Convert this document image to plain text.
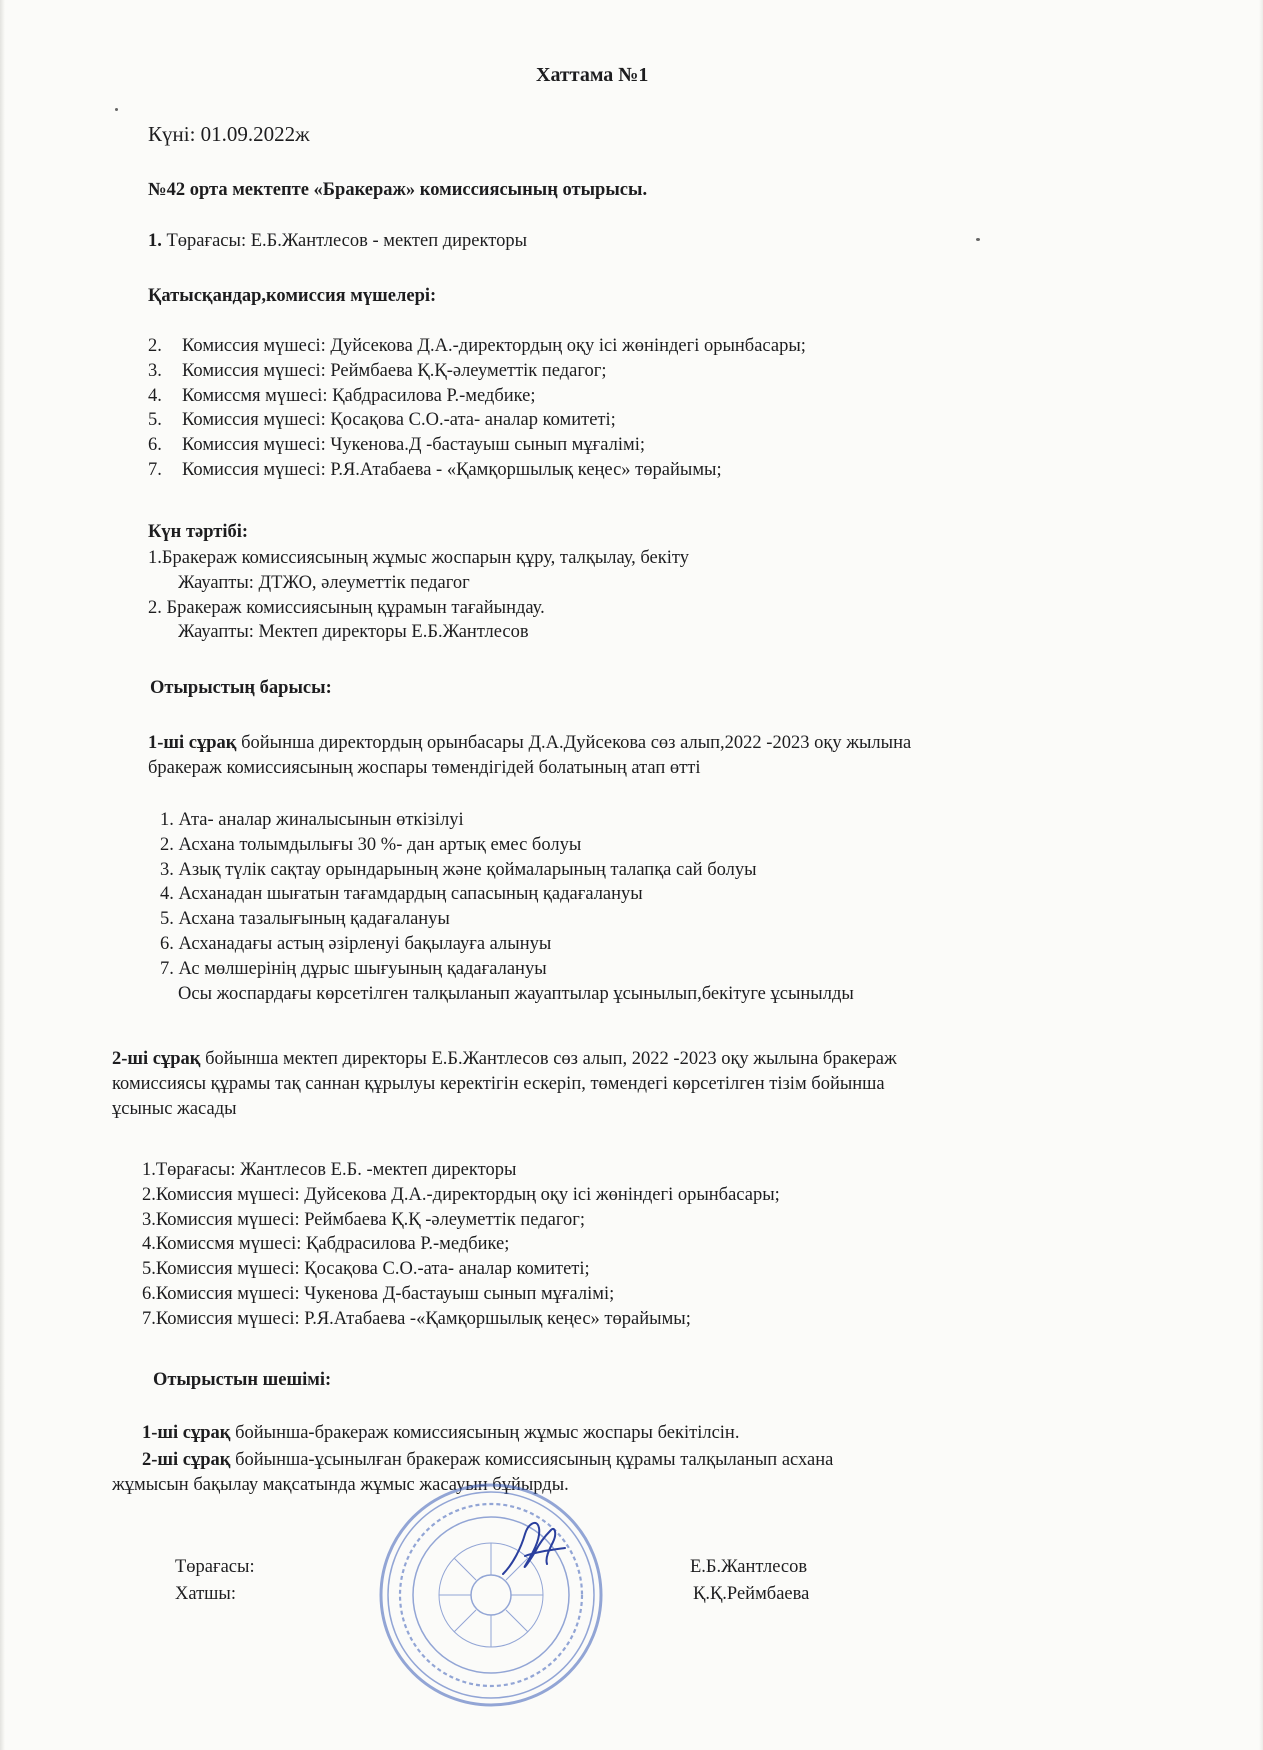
Хаттама №1
Күні: 01.09.2022ж
№42 орта мектепте «Бракераж» комиссиясының отырысы.
1. Төрағасы: Е.Б.Жантлесов - мектеп директоры
Қатысқандар,комиссия мүшелері:
2. Комиссия мүшесі: Дуйсекова Д.А.-директордың оқу ісі жөніндегі орынбасары;
3. Комиссия мүшесі: Реймбаева Қ.Қ-әлеуметтік педагог;
4. Комиссмя мүшесі: Қабдрасилова Р.-медбике;
5. Комиссия мүшесі: Қосақова С.О.-ата- аналар комитеті;
6. Комиссия мүшесі: Чукенова.Д -бастауыш сынып мұғалімі;
7. Комиссия мүшесі: Р.Я.Атабаева - «Қамқоршылық кеңес» төрайымы;
Күн тәртібі:
1.Бракераж комиссиясының жұмыс жоспарын құру, талқылау, бекіту
Жауапты: ДТЖО, әлеуметтік педагог
2. Бракераж комиссиясының құрамын тағайындау.
Жауапты: Мектеп директоры Е.Б.Жантлесов
Отырыстың барысы:
1-ші сұрақ бойынша директордың орынбасары Д.А.Дуйсекова сөз алып,2022 -2023 оқу жылына
бракераж комиссиясының жоспары төмендігідей болатының атап өтті
1. Ата- аналар жиналысынын өткізілуі
2. Асхана толымдылығы 30 %- дан артық емес болуы
3. Азық түлік сақтау орындарының және қоймаларының талапқа сай болуы
4. Асханадан шығатын тағамдардың сапасының қадағалануы
5. Асхана тазалығының қадағалануы
6. Асханадағы астың әзірленуі бақылауға алынуы
7. Ас мөлшерінің дұрыс шығуының қадағалануы
Осы жоспардағы көрсетілген талқыланып жауаптылар ұсынылып,бекітуге ұсынылды
2-ші сұрақ бойынша мектеп директоры Е.Б.Жантлесов сөз алып, 2022 -2023 оқу жылына бракераж
комиссиясы құрамы тақ саннан құрылуы керектігін ескеріп, төмендегі көрсетілген тізім бойынша
ұсыныс жасады
1.Төрағасы: Жантлесов Е.Б. -мектеп директоры
2.Комиссия мүшесі: Дуйсекова Д.А.-директордың оқу ісі жөніндегі орынбасары;
3.Комиссия мүшесі: Реймбаева Қ.Қ -әлеуметтік педагог;
4.Комиссмя мүшесі: Қабдрасилова Р.-медбике;
5.Комиссия мүшесі: Қосақова С.О.-ата- аналар комитеті;
6.Комиссия мүшесі: Чукенова Д-бастауыш сынып мұғалімі;
7.Комиссия мүшесі: Р.Я.Атабаева -«Қамқоршылық кеңес» төрайымы;
Отырыстын шешімі:
1-ші сұрақ бойынша-бракераж комиссиясының жұмыс жоспары бекітілсін.
2-ші сұрақ бойынша-ұсынылған бракераж комиссиясының құрамы талқыланып асхана
жұмысын бақылау мақсатында жұмыс жасауын бұйырды.
Төрағасы:	Е.Б.Жантлесов
Хатшы:	Қ.Қ.Реймбаева
